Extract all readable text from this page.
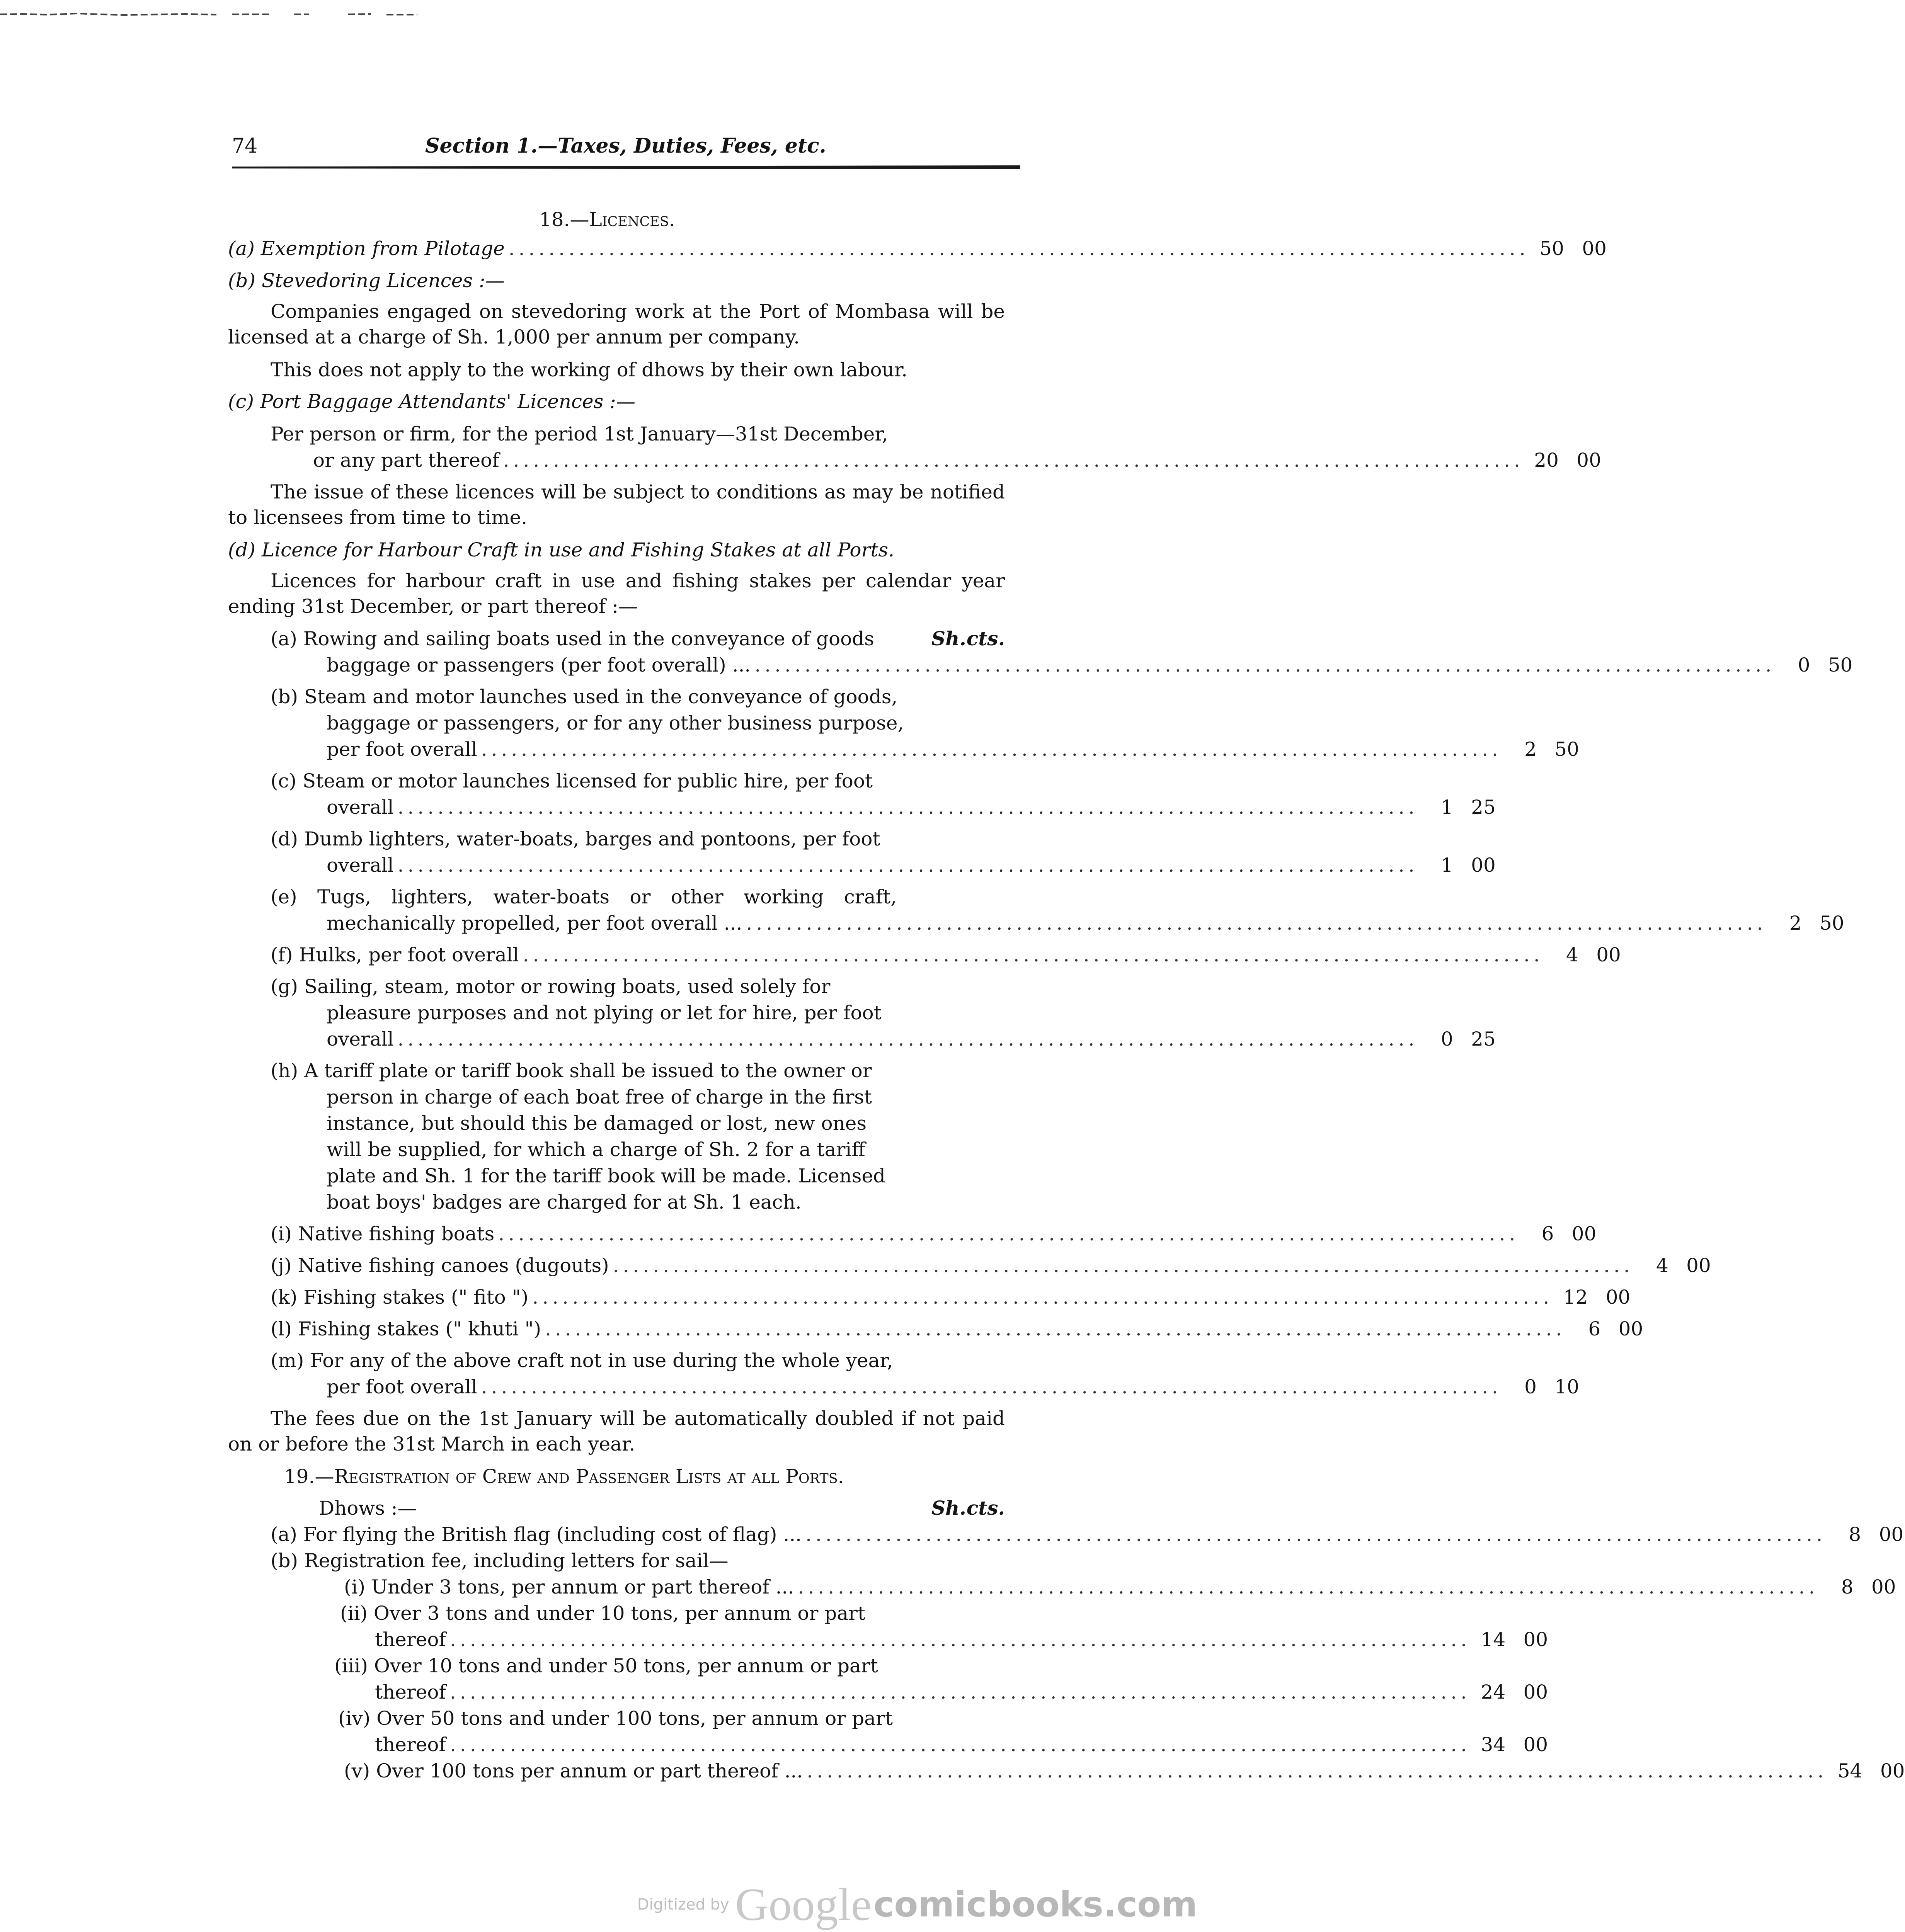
74	Section 1.—Taxes, Duties, Fees, etc.
18.—Licences.
(a) Exemption from Pilotage ...................................................................................................... 50 00
(b) Stevedoring Licences :—
Companies engaged on stevedoring work at the Port of Mombasa will be licensed at a charge of Sh. 1,000 per annum per company.
This does not apply to the working of dhows by their own labour.
(c) Port Baggage Attendants' Licences :—
Per person or firm, for the period 1st January—31st December,
or any part thereof ...................................................................................................... 20 00
The issue of these licences will be subject to conditions as may be notified to licensees from time to time.
(d) Licence for Harbour Craft in use and Fishing Stakes at all Ports.
Licences for harbour craft in use and fishing stakes per calendar year ending 31st December, or part thereof :—
(a) Rowing and sailing boats used in the conveyance of goods	Sh. cts.
baggage or passengers (per foot overall) ... ......................................................................................................	0 50
(b) Steam and motor launches used in the conveyance of goods,
baggage or passengers, or for any other business purpose,
per foot overall ......................................................................................................	2 50
(c) Steam or motor launches licensed for public hire, per foot
overall ......................................................................................................	1 25
(d) Dumb lighters, water-boats, barges and pontoons, per foot
overall ......................................................................................................	1 00
(e) Tugs, lighters, water-boats or other working craft,
mechanically propelled, per foot overall ... ......................................................................................................	2 50
(f) Hulks, per foot overall ......................................................................................................	4 00
(g) Sailing, steam, motor or rowing boats, used solely for
pleasure purposes and not plying or let for hire, per foot
overall ......................................................................................................	0 25
(h) A tariff plate or tariff book shall be issued to the owner or
person in charge of each boat free of charge in the first
instance, but should this be damaged or lost, new ones
will be supplied, for which a charge of Sh. 2 for a tariff
plate and Sh. 1 for the tariff book will be made. Licensed
boat boys' badges are charged for at Sh. 1 each.
(i) Native fishing boats ......................................................................................................	6 00
(j) Native fishing canoes (dugouts) ......................................................................................................	4 00
(k) Fishing stakes (" fito ") ...................................................................................................... 12 00
(l) Fishing stakes (" khuti ") ......................................................................................................	6 00
(m) For any of the above craft not in use during the whole year,
per foot overall ......................................................................................................	0 10
The fees due on the 1st January will be automatically doubled if not paid on or before the 31st March in each year.
19.—Registration of Crew and Passenger Lists at all Ports.
Dhows :—	Sh. cts.
(a) For flying the British flag (including cost of flag) ... ......................................................................................................	8 00
(b) Registration fee, including letters for sail—
(i) Under 3 tons, per annum or part thereof ... ......................................................................................................	8 00
(ii) Over 3 tons and under 10 tons, per annum or part
thereof ...................................................................................................... 14 00
(iii) Over 10 tons and under 50 tons, per annum or part
thereof ...................................................................................................... 24 00
(iv) Over 50 tons and under 100 tons, per annum or part
thereof ...................................................................................................... 34 00
(v) Over 100 tons per annum or part thereof ... ...................................................................................................... 54 00
Digitized by Google comicbooks.com
